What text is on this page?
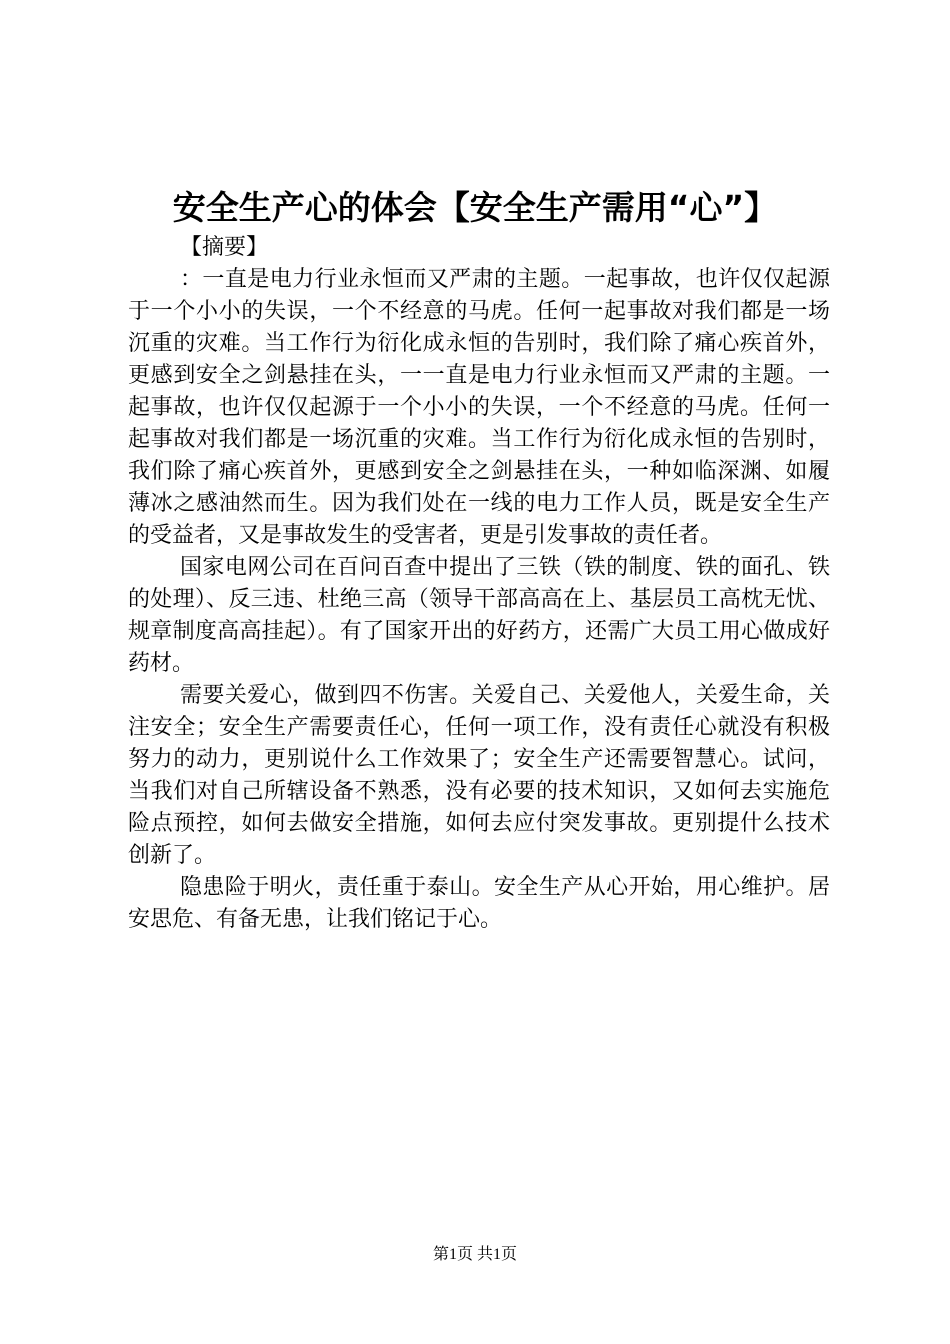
安全生产心的体会【安全生产需用“心”】

【摘要】

：一直是电力行业永恒而又严肃的主题。一起事故，也许仅仅起源于一个小小的失误，一个不经意的马虎。任何一起事故对我们都是一场沉重的灾难。当工作行为衍化成永恒的告别时，我们除了痛心疾首外，更感到安全之剑悬挂在头，一一直是电力行业永恒而又严肃的主题。一起事故，也许仅仅起源于一个小小的失误，一个不经意的马虎。任何一起事故对我们都是一场沉重的灾难。当工作行为衍化成永恒的告别时，我们除了痛心疾首外，更感到安全之剑悬挂在头，一种如临深渊、如履薄冰之感油然而生。因为我们处在一线的电力工作人员，既是安全生产的受益者，又是事故发生的受害者，更是引发事故的责任者。

国家电网公司在百问百查中提出了三铁（铁的制度、铁的面孔、铁的处理）、反三违、杜绝三高（领导干部高高在上、基层员工高枕无忧、规章制度高高挂起）。有了国家开出的好药方，还需广大员工用心做成好药材。

需要关爱心，做到四不伤害。关爱自己、关爱他人，关爱生命，关注安全；安全生产需要责任心，任何一项工作，没有责任心就没有积极努力的动力，更别说什么工作效果了；安全生产还需要智慧心。试问，当我们对自己所辖设备不熟悉，没有必要的技术知识，又如何去实施危险点预控，如何去做安全措施，如何去应付突发事故。更别提什么技术创新了。

隐患险于明火，责任重于泰山。安全生产从心开始，用心维护。居安思危、有备无患，让我们铭记于心。

第1页 共1页
